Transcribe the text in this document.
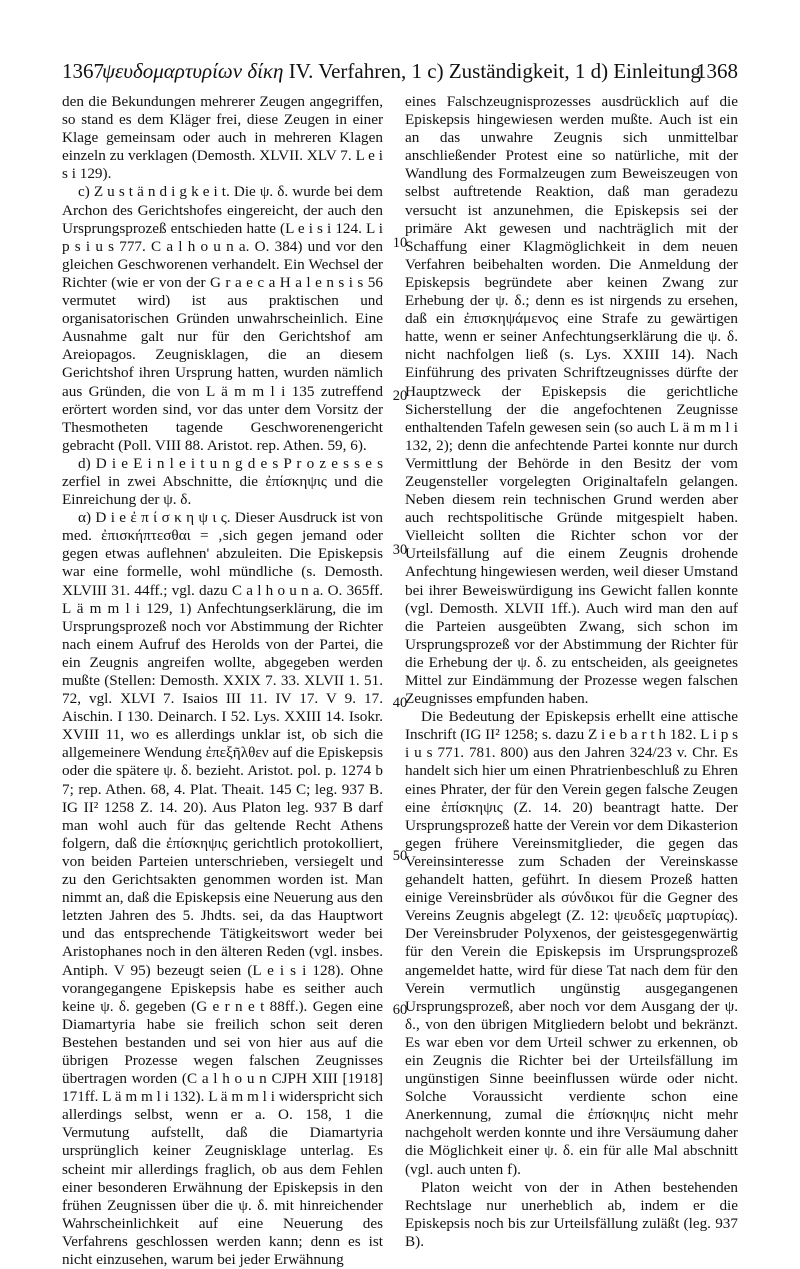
1367
ψευδομαρτυρίων δίκη IV. Verfahren, 1 c) Zuständigkeit, 1 d) Einleitung
1368

den die Bekundungen mehrerer Zeugen angegriffen, so stand es dem Kläger frei, diese Zeugen in einer Klage gemeinsam oder auch in mehreren Klagen einzeln zu verklagen (Demosth. XLVII. XLV 7. L e i s i 129).

c) Z u s t ä n d i g k e i t. Die ψ. δ. wurde bei dem Archon des Gerichtshofes eingereicht, der auch den Ursprungsprozeß entschieden hatte (L e i s i 124. L i p s i u s 777. C a l h o u n a. O. 384) und vor den gleichen Geschworenen verhandelt. Ein Wechsel der Richter (wie er von der G r a e c a H a l e n s i s 56 vermutet wird) ist aus praktischen und organisatorischen Gründen unwahrscheinlich. Eine Ausnahme galt nur für den Gerichtshof am Areiopagos. Zeugnisklagen, die an diesem Gerichtshof ihren Ursprung hatten, wurden nämlich aus Gründen, die von L ä m m l i 135 zutreffend erörtert worden sind, vor das unter dem Vorsitz der Thesmotheten tagende Geschworenengericht gebracht (Poll. VIII 88. Aristot. rep. Athen. 59, 6).

d) D i e E i n l e i t u n g d e s P r o z e s s e s zerfiel in zwei Abschnitte, die ἐπίσκηψις und die Einreichung der ψ. δ.

α) D i e ἐ π ί σ κ η ψ ι ς. Dieser Ausdruck ist von med. ἐπισκήπτεσθαι = ‚sich gegen jemand oder gegen etwas auflehnen' abzuleiten. Die Episkepsis war eine formelle, wohl mündliche (s. Demosth. XLVIII 31. 44ff.; vgl. dazu C a l h o u n a. O. 365ff. L ä m m l i 129, 1) Anfechtungserklärung, die im Ursprungsprozeß noch vor Abstimmung der Richter nach einem Aufruf des Herolds von der Partei, die ein Zeugnis angreifen wollte, abgegeben werden mußte (Stellen: Demosth. XXIX 7. 33. XLVII 1. 51. 72, vgl. XLVI 7. Isaios III 11. IV 17. V 9. 17. Aischin. I 130. Deinarch. I 52. Lys. XXIII 14. Isokr. XVIII 11, wo es allerdings unklar ist, ob sich die allgemeinere Wendung ἐπεξῆλθεν auf die Episkepsis oder die spätere ψ. δ. bezieht. Aristot. pol. p. 1274 b 7; rep. Athen. 68, 4. Plat. Theait. 145 C; leg. 937 B. IG II² 1258 Z. 14. 20). Aus Platon leg. 937 B darf man wohl auch für das geltende Recht Athens folgern, daß die ἐπίσκηψις gerichtlich protokolliert, von beiden Parteien unterschrieben, versiegelt und zu den Gerichtsakten genommen worden ist. Man nimmt an, daß die Episkepsis eine Neuerung aus den letzten Jahren des 5. Jhdts. sei, da das Hauptwort und das entsprechende Tätigkeitswort weder bei Aristophanes noch in den älteren Reden (vgl. insbes. Antiph. V 95) bezeugt seien (L e i s i 128). Ohne vorangegangene Episkepsis habe es seither auch keine ψ. δ. gegeben (G e r n e t 88ff.). Gegen eine Diamartyria habe sie freilich schon seit deren Bestehen bestanden und sei von hier aus auf die übrigen Prozesse wegen falschen Zeugnisses übertragen worden (C a l h o u n CJPH XIII [1918] 171ff. L ä m m l i 132). L ä m m l i widerspricht sich allerdings selbst, wenn er a. O. 158, 1 die Vermutung aufstellt, daß die Diamartyria ursprünglich keiner Zeugnisklage unterlag. Es scheint mir allerdings fraglich, ob aus dem Fehlen einer besonderen Erwähnung der Episkepsis in den frühen Zeugnissen über die ψ. δ. mit hinreichender Wahrscheinlichkeit auf eine Neuerung des Verfahrens geschlossen werden kann; denn es ist nicht einzusehen, warum bei jeder Erwähnung

10
20
30
40
50
60

eines Falschzeugnisprozesses ausdrücklich auf die Episkepsis hingewiesen werden mußte. Auch ist ein an das unwahre Zeugnis sich unmittelbar anschließender Protest eine so natürliche, mit der Wandlung des Formalzeugen zum Beweiszeugen von selbst auftretende Reaktion, daß man geradezu versucht ist anzunehmen, die Episkepsis sei der primäre Akt gewesen und nachträglich mit der Schaffung einer Klagmöglichkeit in dem neuen Verfahren beibehalten worden. Die Anmeldung der Episkepsis begründete aber keinen Zwang zur Erhebung der ψ. δ.; denn es ist nirgends zu ersehen, daß ein ἐπισκηψάμενος eine Strafe zu gewärtigen hatte, wenn er seiner Anfechtungserklärung die ψ. δ. nicht nachfolgen ließ (s. Lys. XXIII 14). Nach Einführung des privaten Schriftzeugnisses dürfte der Hauptzweck der Episkepsis die gerichtliche Sicherstellung der die angefochtenen Zeugnisse enthaltenden Tafeln gewesen sein (so auch L ä m m l i 132, 2); denn die anfechtende Partei konnte nur durch Vermittlung der Behörde in den Besitz der vom Zeugensteller vorgelegten Originaltafeln gelangen. Neben diesem rein technischen Grund werden aber auch rechtspolitische Gründe mitgespielt haben. Vielleicht sollten die Richter schon vor der Urteilsfällung auf die einem Zeugnis drohende Anfechtung hingewiesen werden, weil dieser Umstand bei ihrer Beweiswürdigung ins Gewicht fallen konnte (vgl. Demosth. XLVII 1ff.). Auch wird man den auf die Parteien ausgeübten Zwang, sich schon im Ursprungsprozeß vor der Abstimmung der Richter für die Erhebung der ψ. δ. zu entscheiden, als geeignetes Mittel zur Eindämmung der Prozesse wegen falschen Zeugnisses empfunden haben.

Die Bedeutung der Episkepsis erhellt eine attische Inschrift (IG II² 1258; s. dazu Z i e b a r t h 182. L i p s i u s 771. 781. 800) aus den Jahren 324/23 v. Chr. Es handelt sich hier um einen Phratrienbeschluß zu Ehren eines Phrater, der für den Verein gegen falsche Zeugen eine ἐπίσκηψις (Z. 14. 20) beantragt hatte. Der Ursprungsprozeß hatte der Verein vor dem Dikasterion gegen frühere Vereinsmitglieder, die gegen das Vereinsinteresse zum Schaden der Vereinskasse gehandelt hatten, geführt. In diesem Prozeß hatten einige Vereinsbrüder als σύνδικοι für die Gegner des Vereins Zeugnis abgelegt (Z. 12: ψευδεῖς μαρτυρίας). Der Vereinsbruder Polyxenos, der geistesgegenwärtig für den Verein die Episkepsis im Ursprungsprozeß angemeldet hatte, wird für diese Tat nach dem für den Verein vermutlich ungünstig ausgegangenen Ursprungsprozeß, aber noch vor dem Ausgang der ψ. δ., von den übrigen Mitgliedern belobt und bekränzt. Es war eben vor dem Urteil schwer zu erkennen, ob ein Zeugnis die Richter bei der Urteilsfällung im ungünstigen Sinne beeinflussen würde oder nicht. Solche Voraussicht verdiente schon eine Anerkennung, zumal die ἐπίσκηψις nicht mehr nachgeholt werden konnte und ihre Versäumung daher die Möglichkeit einer ψ. δ. ein für alle Mal abschnitt (vgl. auch unten f).

Platon weicht von der in Athen bestehenden Rechtslage nur unerheblich ab, indem er die Episkepsis noch bis zur Urteilsfällung zuläßt (leg. 937 B).
